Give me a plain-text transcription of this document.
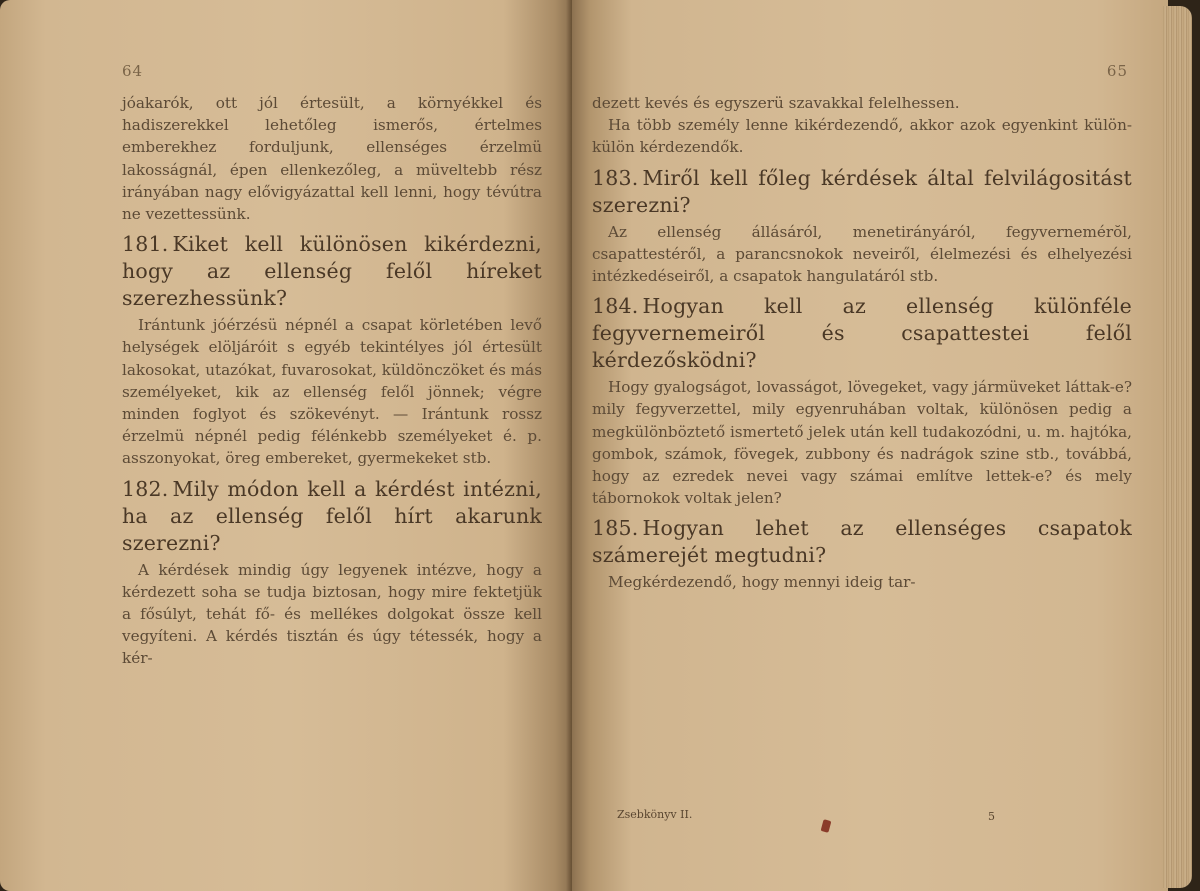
64

jóakarók, ott jól értesült, a környékkel és hadiszerekkel lehetőleg ismerős, értelmes emberekhez forduljunk, ellenséges érzelmü lakosságnál, épen ellenkezőleg, a müveltebb rész irányában nagy elővigyázattal kell lenni, hogy tévútra ne vezettessünk.

181. Kiket kell különösen kikérdezni, hogy az ellenség felől híreket szerezhessünk?

Irántunk jóérzésü népnél a csapat körletében levő helységek elöljáróit s egyéb tekintélyes jól értesült lakosokat, utazókat, fuvarosokat, küldönczöket és más személyeket, kik az ellenség felől jönnek; végre minden foglyot és szökevényt. — Irántunk rossz érzelmü népnél pedig félénkebb személyeket é. p. asszonyokat, öreg embereket, gyermekeket stb.

182. Mily módon kell a kérdést intézni, ha az ellenség felől hírt akarunk szerezni?

A kérdések mindig úgy legyenek intézve, hogy a kérdezett soha se tudja biztosan, hogy mire fektetjük a fősúlyt, tehát fő- és mellékes dolgokat össze kell vegyíteni. A kérdés tisztán és úgy tétessék, hogy a kér-

65

dezett kevés és egyszerü szavakkal felelhessen.

Ha több személy lenne kikérdezendő, akkor azok egyenkint külön-külön kérdezendők.

183. Miről kell főleg kérdések által felvilágositást szerezni?

Az ellenség állásáról, menetirányáról, fegyvernemérŏl, csapattestéről, a parancsnokok neveiről, élelmezési és elhelyezési intézkedéseiről, a csapatok hangulatáról stb.

184. Hogyan kell az ellenség különféle fegyvernemeiről és csapattestei felől kérdezősködni?

Hogy gyalogságot, lovasságot, lövegeket, vagy jármüveket láttak-e? mily fegyverzettel, mily egyenruhában voltak, különösen pedig a megkülönböztető ismertető jelek után kell tudakozódni, u. m. hajtóka, gombok, számok, fövegek, zubbony és nadrágok szine stb., továbbá, hogy az ezredek nevei vagy számai említve lettek-e? és mely tábornokok voltak jelen?

185. Hogyan lehet az ellenséges csapatok számerejét megtudni?

Megkérdezendő, hogy mennyi ideig tar-

Zsebkönyv II.	5
